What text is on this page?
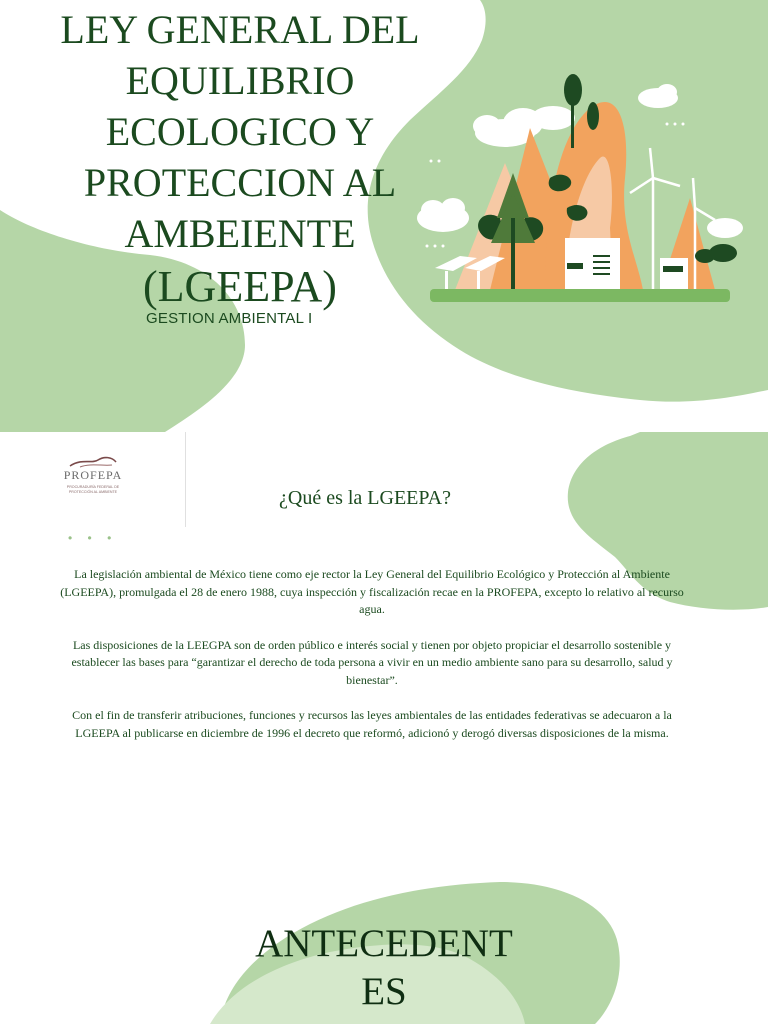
LEY GENERAL DEL
EQUILIBRIO
ECOLOGICO Y
PROTECCION AL
AMBEIENTE
(LGEEPA)
GESTION AMBIENTAL I
PROFEPA
PROCURADURÍA FEDERAL DE
PROTECCIÓN AL AMBIENTE
• • •
¿Qué es la LGEEPA?

La legislación ambiental de México tiene como eje rector la Ley General del Equilibrio Ecológico y Protección al Ambiente (LGEEPA), promulgada el 28 de enero 1988, cuya inspección y fiscalización recae en la PROFEPA, excepto lo relativo al recurso agua.

Las disposiciones de la LEEGPA son de orden público e interés social y tienen por objeto propiciar el desarrollo sostenible y establecer las bases para “garantizar el derecho de toda persona a vivir en un medio ambiente sano para su desarrollo, salud y bienestar”.

Con el fin de transferir atribuciones, funciones y recursos las leyes ambientales de las entidades federativas se adecuaron a la LGEEPA al publicarse en diciembre de 1996 el decreto que reformó, adicionó y derogó diversas disposiciones de la misma.

ANTECEDENT
ES
